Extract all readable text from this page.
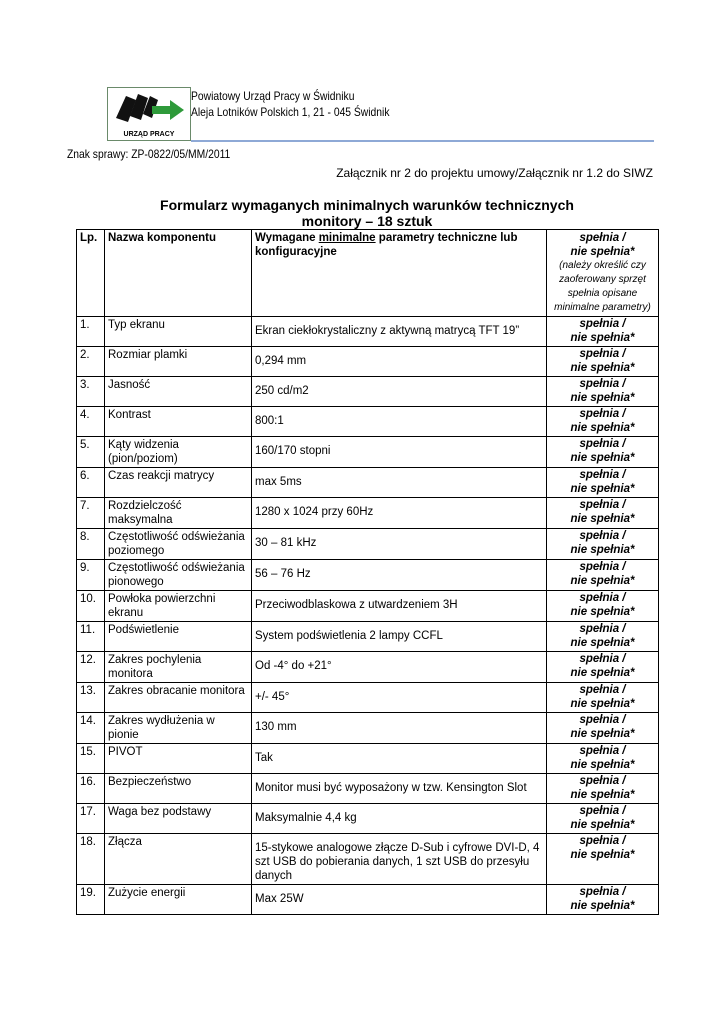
URZĄD PRACY
Powiatowy Urząd Pracy w Świdniku
Aleja Lotników Polskich 1, 21 - 045 Świdnik
Znak sprawy: ZP-0822/05/MM/2011
Załącznik nr 2 do projektu umowy/Załącznik nr 1.2 do SIWZ
Formularz wymaganych minimalnych warunków technicznych
monitory – 18 sztuk
Lp.	Nazwa komponentu	Wymagane minimalne parametry techniczne lub konfiguracyjne	spełnia /
nie spełnia*
(należy określić czy zaoferowany sprzęt spełnia opisane minimalne parametry)

1.	Typ ekranu	Ekran ciekłokrystaliczny z aktywną matrycą TFT 19”	spełnia /
nie spełnia*

2.	Rozmiar plamki	0,294 mm	spełnia /
nie spełnia*

3.	Jasność	250 cd/m2	spełnia /
nie spełnia*

4.	Kontrast	800:1	spełnia /
nie spełnia*

5.	Kąty widzenia (pion/poziom)	160/170 stopni	spełnia /
nie spełnia*

6.	Czas reakcji matrycy	max 5ms	spełnia /
nie spełnia*

7.	Rozdzielczość maksymalna	1280 x 1024 przy 60Hz	spełnia /
nie spełnia*

8.	Częstotliwość odświeżania poziomego	30 – 81 kHz	spełnia /
nie spełnia*

9.	Częstotliwość odświeżania pionowego	56 – 76 Hz	spełnia /
nie spełnia*

10.	Powłoka powierzchni ekranu	Przeciwodblaskowa z utwardzeniem 3H	spełnia /
nie spełnia*

11.	Podświetlenie	System podświetlenia 2 lampy CCFL	spełnia /
nie spełnia*

12.	Zakres pochylenia monitora	Od -4° do +21°	spełnia /
nie spełnia*

13.	Zakres obracanie monitora	+/- 45°	spełnia /
nie spełnia*

14.	Zakres wydłużenia w pionie	130 mm	spełnia /
nie spełnia*

15.	PIVOT	Tak	spełnia /
nie spełnia*

16.	Bezpieczeństwo	Monitor musi być wyposażony w tzw. Kensington Slot	spełnia /
nie spełnia*

17.	Waga bez podstawy	Maksymalnie 4,4 kg	spełnia /
nie spełnia*

18.	Złącza	15-stykowe analogowe złącze D-Sub i cyfrowe DVI-D, 4 szt USB do pobierania danych, 1 szt USB do przesyłu danych	spełnia /
nie spełnia*

19.	Zużycie energii	Max 25W	spełnia /
nie spełnia*
